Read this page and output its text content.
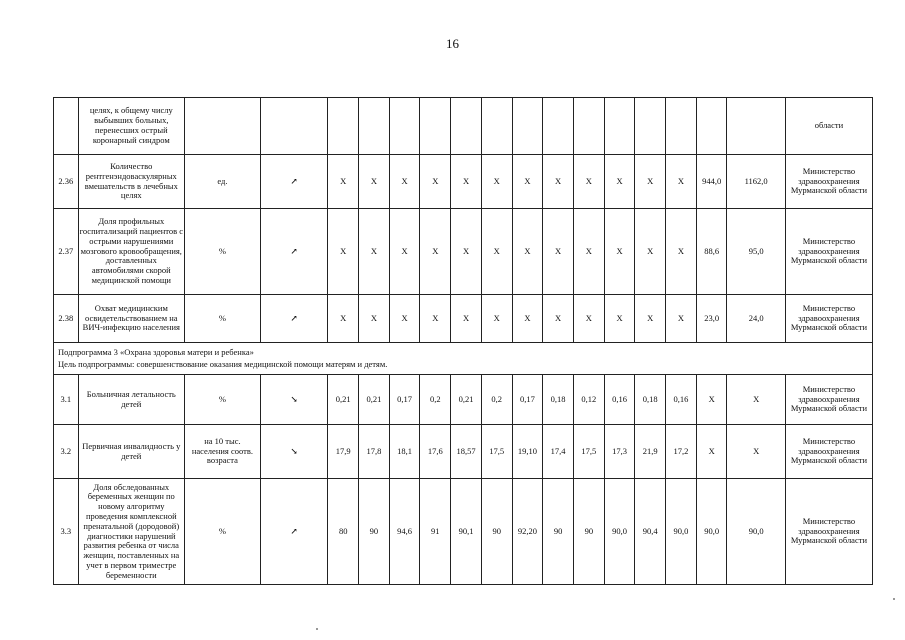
16
	целях, к общему числу выбывших больных, перенесших острый коронарный синдром																	области
2.36	Количество рентгенэндоваскулярных вмешательств в лечебных целях	ед.	↗	Х	Х	Х	Х	Х	Х	Х	Х	Х	Х	Х	Х	944,0	1162,0	Министерство здравоохранения Мурманской области
2.37	Доля профильных госпитализаций пациентов с острыми нарушениями мозгового кровообращения, доставленных автомобилями скорой медицинской помощи	%	↗	Х	Х	Х	Х	Х	Х	Х	Х	Х	Х	Х	Х	88,6	95,0	Министерство здравоохранения Мурманской области
2.38	Охват медицинским освидетельствованием на ВИЧ-инфекцию населения	%	↗	Х	Х	Х	Х	Х	Х	Х	Х	Х	Х	Х	Х	23,0	24,0	Министерство здравоохранения Мурманской области

Подпрограмма 3 «Охрана здоровья матери и ребенка»
Цель подпрограммы: совершенствование оказания медицинской помощи матерям и детям.																		

3.1	Больничная летальность детей	%	↘	0,21	0,21	0,17	0,2	0,21	0,2	0,17	0,18	0,12	0,16	0,18	0,16	Х	Х	Министерство здравоохранения Мурманской области
3.2	Первичная инвалидность у детей	на 10 тыс. населения соотв. возраста	↘	17,9	17,8	18,1	17,6	18,57	17,5	19,10	17,4	17,5	17,3	21,9	17,2	Х	Х	Министерство здравоохранения Мурманской области
3.3	Доля обследованных беременных женщин по новому алгоритму проведения комплексной пренатальной (дородовой) диагностики нарушений развития ребенка от числа женщин, поставленных на учет в первом триместре беременности	%	↗	80	90	94,6	91	90,1	90	92,20	90	90	90,0	90,4	90,0	90,0	90,0	Министерство здравоохранения Мурманской области
